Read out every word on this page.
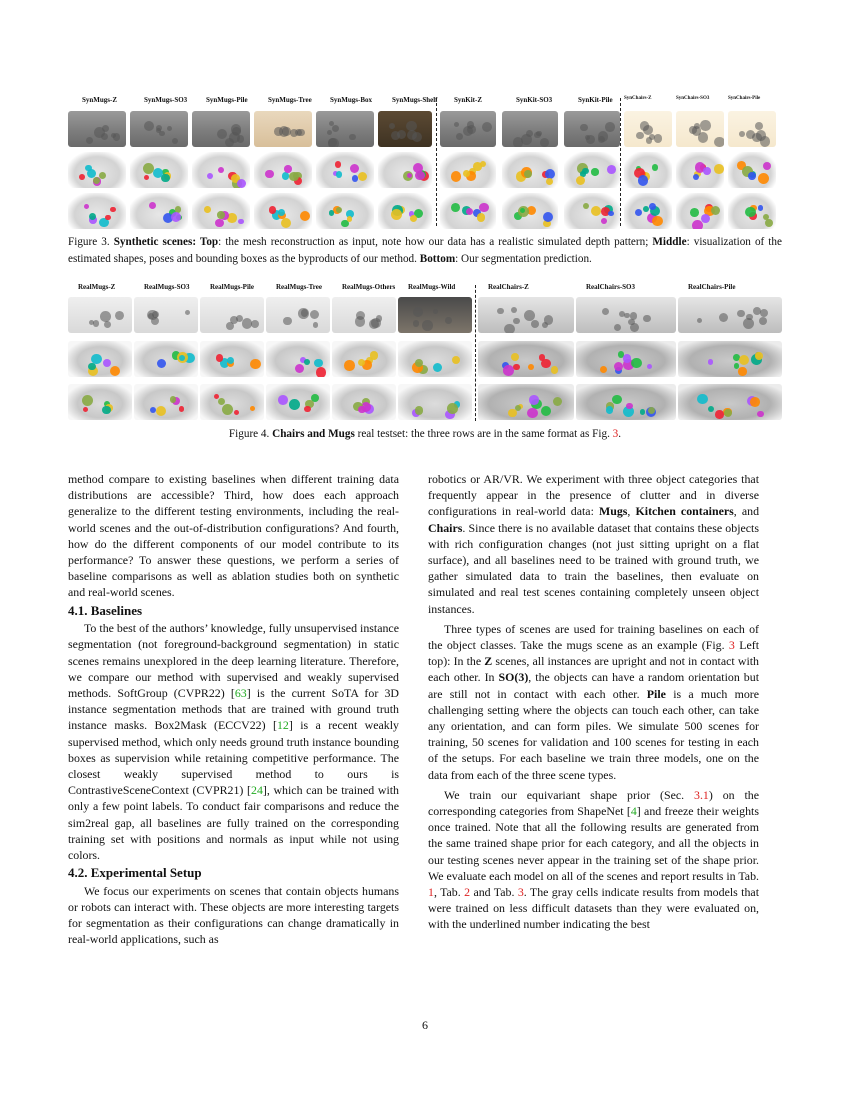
SynMugs-Z	SynMugs-SO3	SynMugs-Pile	SynMugs-Tree	SynMugs-Box	SynMugs-Shelf SynKit-Z	SynKit-SO3	SynKit-Pile SynChairs-Z	SynChairs-SO3	SynChairs-Pile
Figure 3. Synthetic scenes: Top: the mesh reconstruction as input, note how our data has a realistic simulated depth pattern; Middle: visualization of the estimated shapes, poses and bounding boxes as the byproducts of our method. Bottom: Our segmentation prediction.
RealMugs-Z	RealMugs-SO3	RealMugs-Pile	RealMugs-Tree	RealMugs-Others RealMugs-Wild	RealChairs-Z	RealChairs-SO3	RealChairs-Pile
Figure 4. Chairs and Mugs real testset: the three rows are in the same format as Fig. 3.

method compare to existing baselines when different training data distributions are accessible? Third, how does each approach generalize to the different testing environments, including the real-world scenes and the out-of-distribution configurations? And fourth, how do the different components of our model contribute to its performance? To answer these questions, we perform a series of baseline comparisons as well as ablation studies both on synthetic and real-world scenes.

4.1. Baselines

To the best of the authors’ knowledge, fully unsupervised instance segmentation (not foreground-background segmentation) in static scenes remains unexplored in the deep learning literature. Therefore, we compare our method with supervised and weakly supervised methods. SoftGroup (CVPR22) [63] is the current SoTA for 3D instance segmentation methods that are trained with ground truth instance masks. Box2Mask (ECCV22) [12] is a recent weakly supervised method, which only needs ground truth instance bounding boxes as supervision while retaining competitive performance. The closest weakly supervised method to ours is ContrastiveSceneContext (CVPR21) [24], which can be trained with only a few point labels. To conduct fair comparisons and reduce the sim2real gap, all baselines are fully trained on the corresponding training set with positions and normals as input while not using colors.

4.2. Experimental Setup

We focus our experiments on scenes that contain objects humans or robots can interact with. These objects are more interesting targets for segmentation as their configurations can change dramatically in real-world applications, such as

robotics or AR/VR. We experiment with three object categories that frequently appear in the presence of clutter and in diverse configurations in real-world data: Mugs, Kitchen containers, and Chairs. Since there is no available dataset that contains these objects with rich configuration changes (not just sitting upright on a flat surface), and all baselines need to be trained with ground truth, we gather simulated data to train the baselines, then evaluate on simulated and real test scenes containing completely unseen object instances.

Three types of scenes are used for training baselines on each of the object classes. Take the mugs scene as an example (Fig. 3 Left top): In the Z scenes, all instances are upright and not in contact with each other. In SO(3), the objects can have a random orientation but are still not in contact with each other. Pile is a much more challenging setting where the objects can touch each other, can take any orientation, and can form piles. We simulate 500 scenes for training, 50 scenes for validation and 100 scenes for testing in each of the setups. For each baseline we train three models, one on the data from each of the three scene types.

We train our equivariant shape prior (Sec. 3.1) on the corresponding categories from ShapeNet [4] and freeze their weights once trained. Note that all the following results are generated from the same trained shape prior for each category, and all the objects in our testing scenes never appear in the training set of the shape prior. We evaluate each model on all of the scenes and report results in Tab. 1, Tab. 2 and Tab. 3. The gray cells indicate results from models that were trained on less difficult datasets than they were evaluated on, with the underlined number indicating the best

6
